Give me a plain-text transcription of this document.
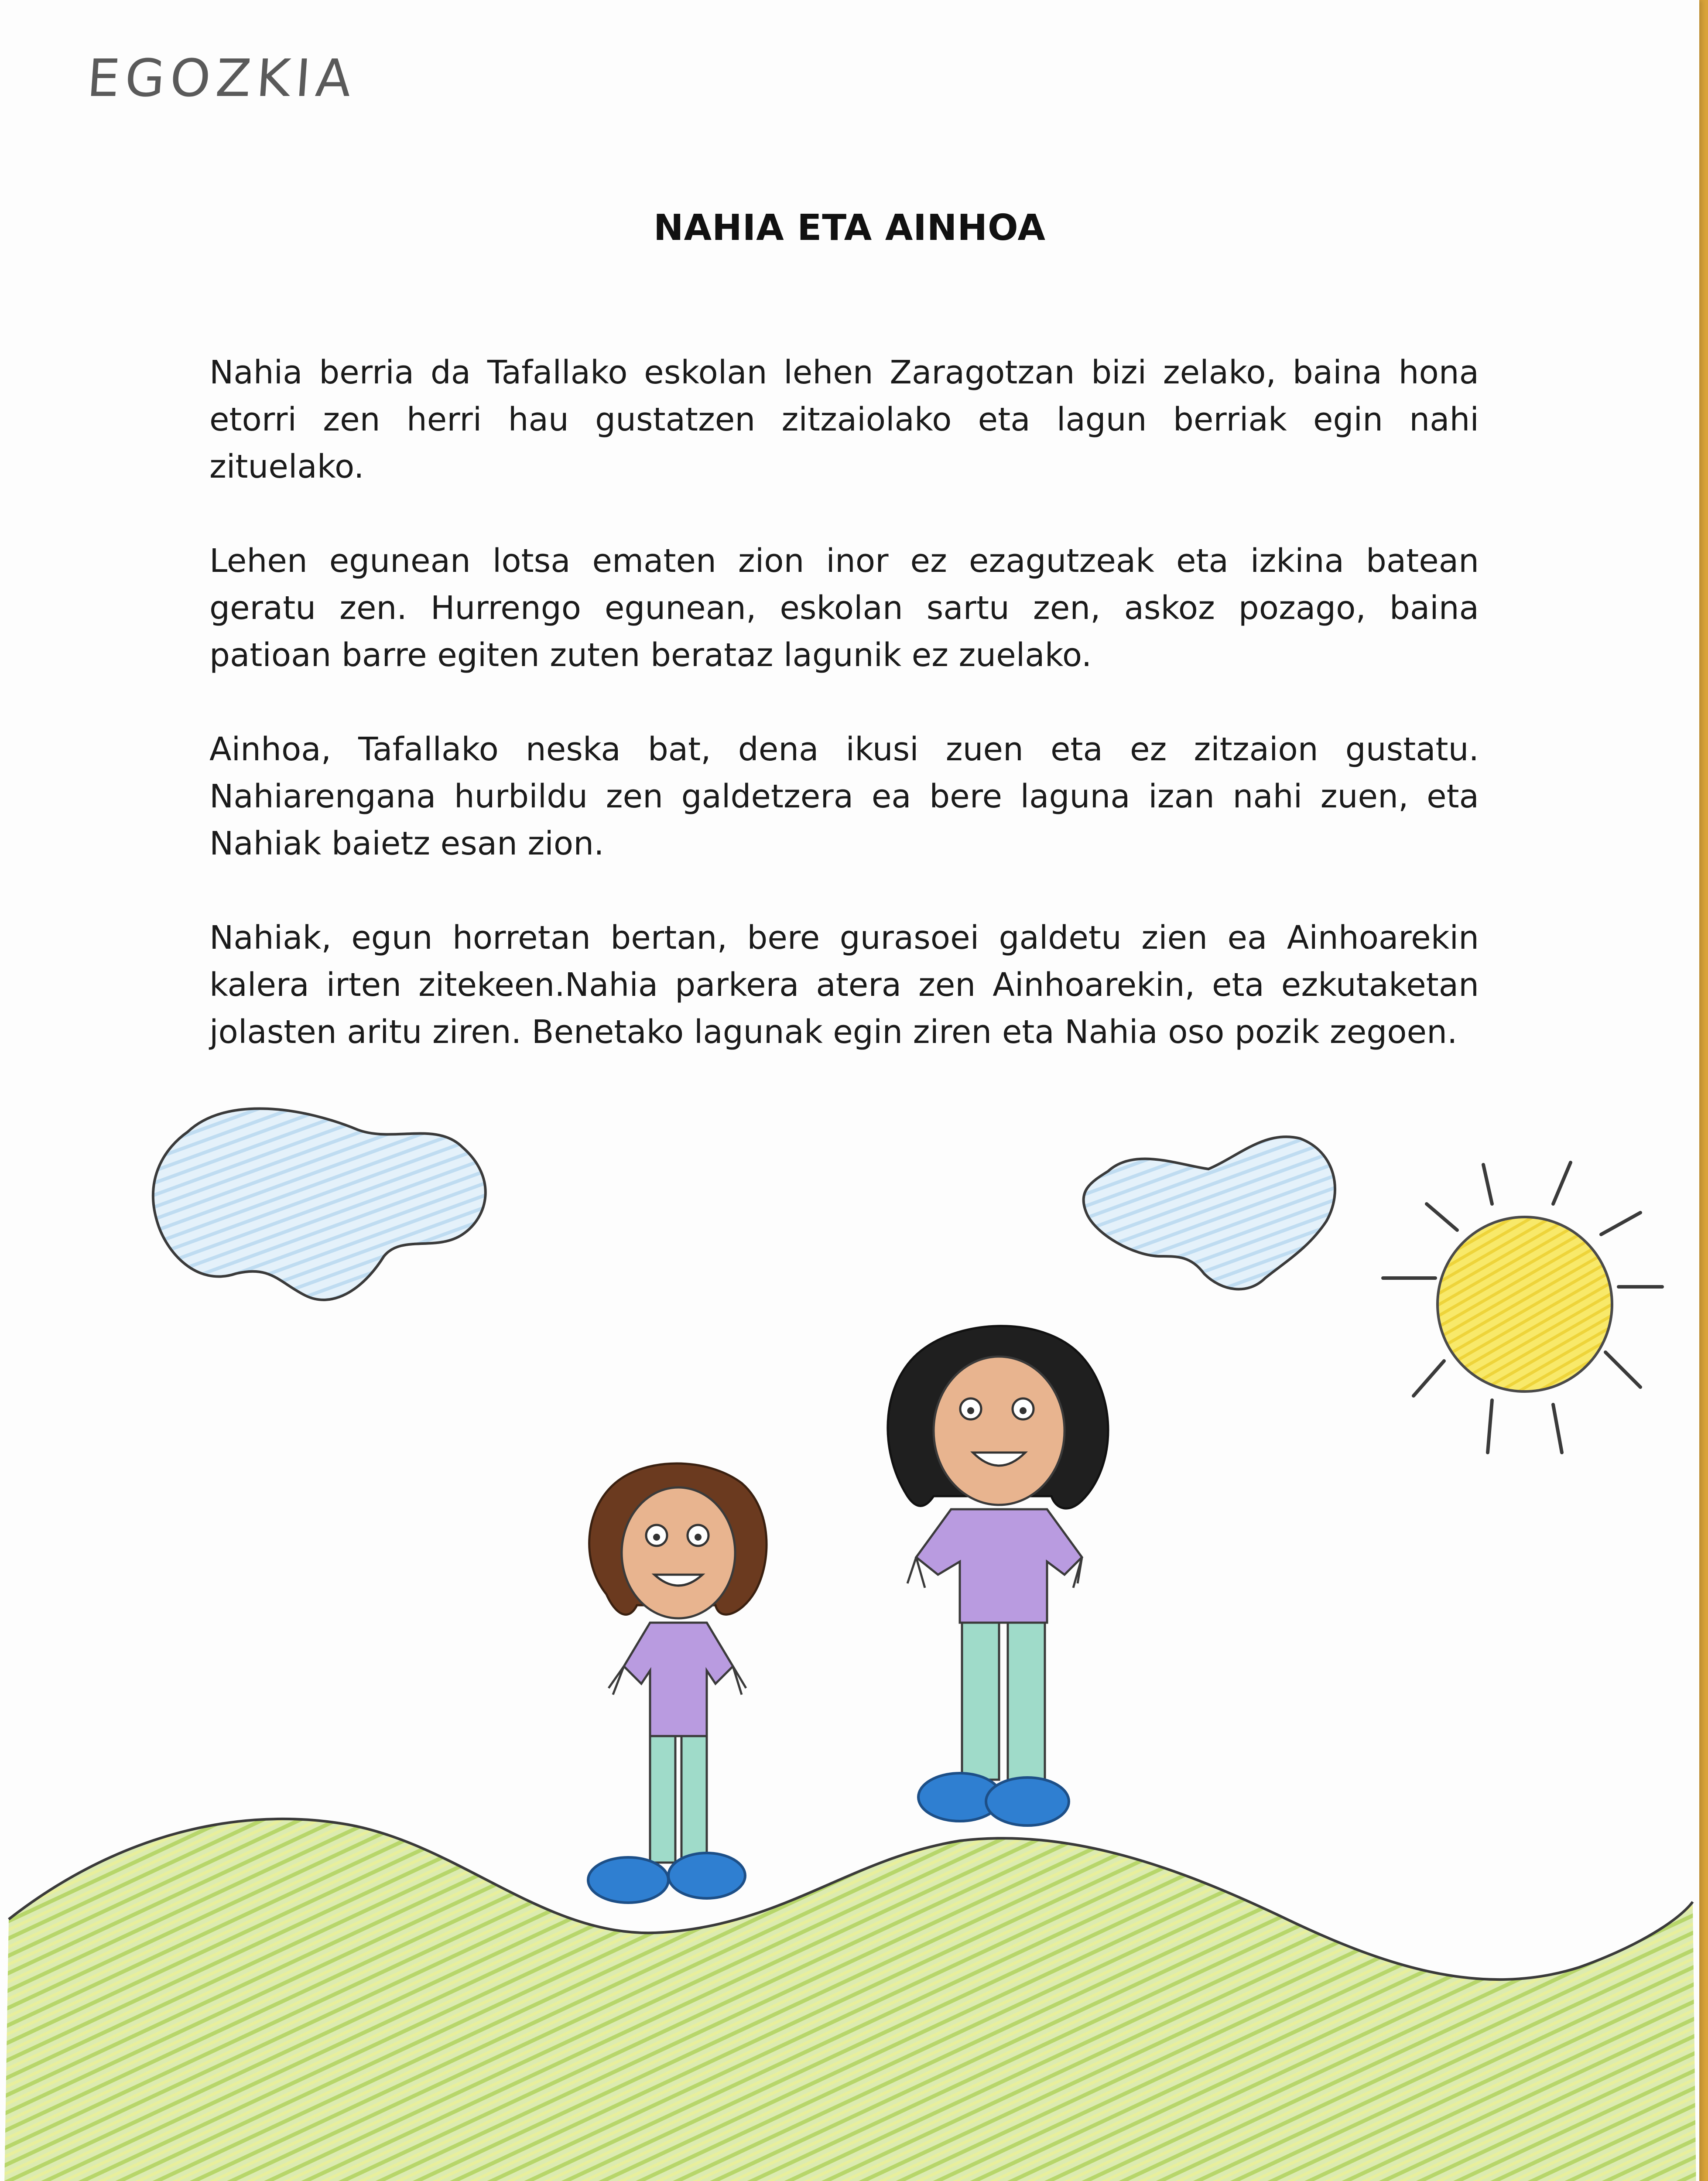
EGOZKIA
NAHIA ETA AINHOA

Nahia berria da Tafallako eskolan lehen Zaragotzan bizi zelako, baina hona etorri zen herri hau gustatzen zitzaiolako eta lagun berriak egin nahi zituelako.

Lehen egunean lotsa ematen zion inor ez ezagutzeak eta izkina batean geratu zen. Hurrengo egunean, eskolan sartu zen, askoz pozago, baina patioan barre egiten zuten berataz lagunik ez zuelako.

Ainhoa, Tafallako neska bat, dena ikusi zuen eta ez zitzaion gustatu. Nahiarengana hurbildu zen galdetzera ea bere laguna izan nahi zuen, eta Nahiak baietz esan zion.

Nahiak, egun horretan bertan, bere gurasoei galdetu zien ea Ainhoarekin kalera irten zitekeen.Nahia parkera atera zen Ainhoarekin, eta ezkutaketan jolasten aritu ziren. Benetako lagunak egin ziren eta Nahia oso pozik zegoen.
